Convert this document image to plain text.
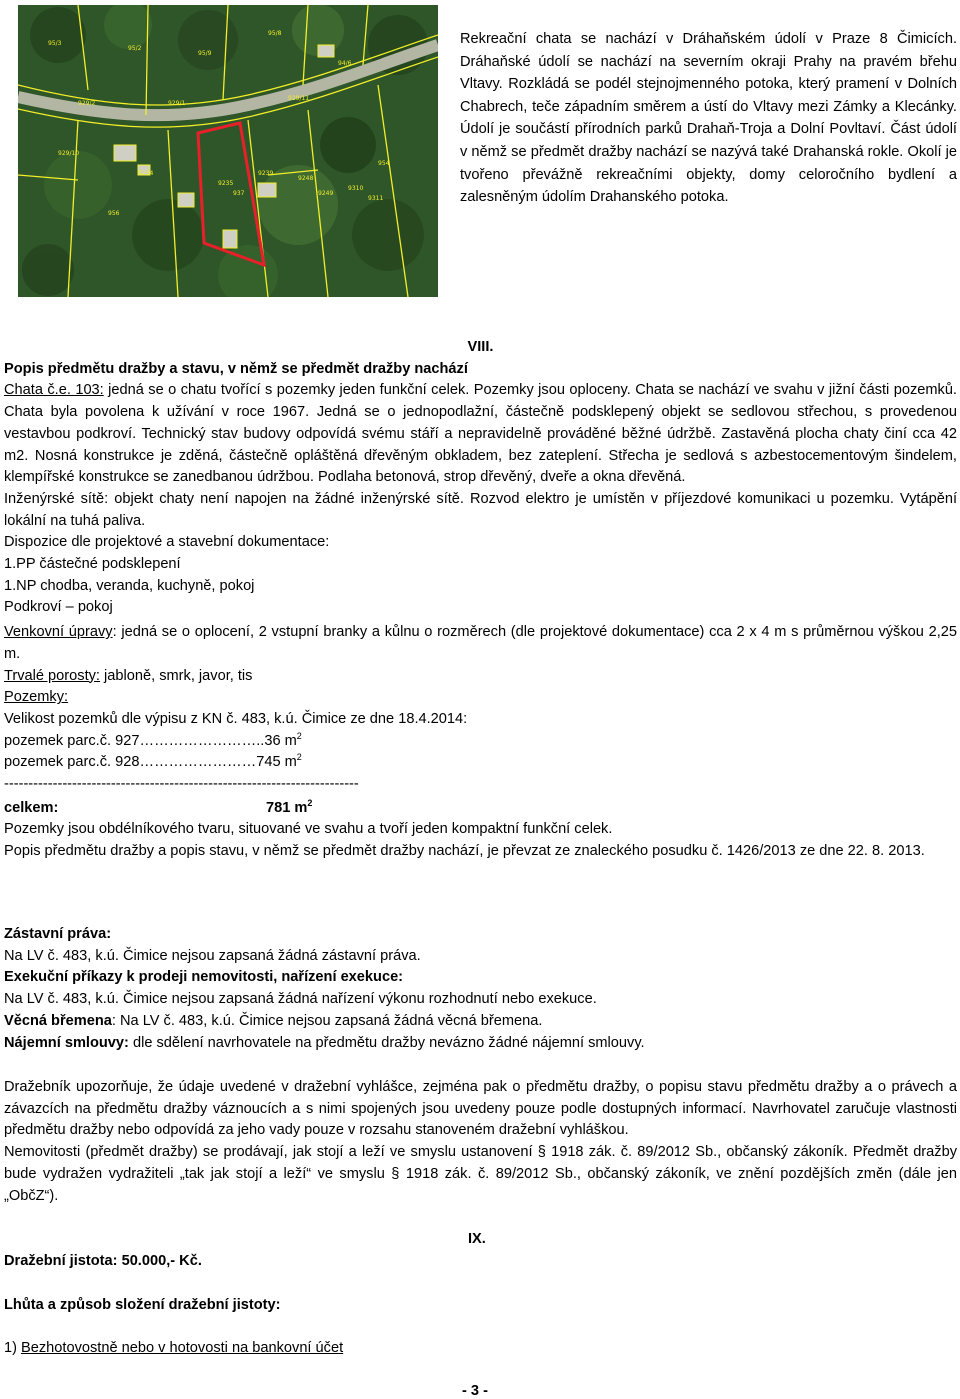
95/3
95/2
95/8
94/6
95/9
929/1
929/11
929/2
9234
9235
937
9239
9248
9249
9310
9311
954
956
929/10

Rekreační chata se nachází v Dráhaňském údolí v Praze 8 Čimicích. Dráhaňské údolí se nachází na severním okraji Prahy na pravém břehu Vltavy. Rozkládá se podél stejnojmenného potoka, který pramení v Dolních Chabrech, teče západním směrem a ústí do Vltavy mezi Zámky a Klecánky. Údolí je součástí přírodních parků Drahaň-Troja a Dolní Povltaví. Část údolí v němž se předmět dražby nachází se nazývá také Drahanská rokle. Okolí je tvořeno převážně rekreačními objekty, domy celoročního bydlení a zalesněným údolím Drahanského potoka.

VIII.

Popis předmětu dražby a stavu, v němž se předmět dražby nachází

Chata č.e. 103: jedná se o chatu tvořící s pozemky jeden funkční celek. Pozemky jsou oploceny. Chata se nachází ve svahu v jižní části pozemků. Chata byla povolena k užívání v roce 1967. Jedná se o jednopodlažní, částečně podsklepený objekt se sedlovou střechou, s provedenou vestavbou podkroví. Technický stav budovy odpovídá svému stáří a nepravidelně prováděné běžné údržbě. Zastavěná plocha chaty činí cca 42 m2. Nosná konstrukce je zděná, částečně opláštěná dřevěným obkladem, bez zateplení. Střecha je sedlová s azbestocementovým šindelem, klempířské konstrukce se zanedbanou údržbou. Podlaha betonová, strop dřevěný, dveře a okna dřevěná.

Inženýrské sítě: objekt chaty není napojen na žádné inženýrské sítě. Rozvod elektro je umístěn v příjezdové komunikaci u pozemku. Vytápění lokální na tuhá paliva.

Dispozice dle projektové a stavební dokumentace:

1.PP částečné podsklepení

1.NP chodba, veranda, kuchyně, pokoj

Podkroví – pokoj

Venkovní úpravy: jedná se o oplocení, 2 vstupní branky a kůlnu o rozměrech (dle projektové dokumentace) cca 2 x 4 m s průměrnou výškou 2,25 m.

Trvalé porosty: jabloně, smrk, javor, tis

Pozemky:

Velikost pozemků dle výpisu z KN č. 483, k.ú. Čimice ze dne 18.4.2014:

pozemek parc.č. 927……………………..36 $m^2$

pozemek parc.č. 928……………………745 $m^2$

-------------------------------------------------------------------------

celkem:	781 $m^2$

Pozemky jsou obdélníkového tvaru, situované ve svahu a tvoří jeden kompaktní funkční celek.

Popis předmětu dražby a popis stavu, v němž se předmět dražby nachází, je převzat ze znaleckého posudku č. 1426/2013 ze dne 22. 8. 2013.

Zástavní práva:

Na LV č. 483, k.ú. Čimice nejsou zapsaná žádná zástavní práva.

Exekuční příkazy k prodeji nemovitosti, nařízení exekuce:

Na LV č. 483, k.ú. Čimice nejsou zapsaná žádná nařízení výkonu rozhodnutí nebo exekuce.

Věcná břemena: Na LV č. 483, k.ú. Čimice nejsou zapsaná žádná věcná břemena.

Nájemní smlouvy: dle sdělení navrhovatele na předmětu dražby nevázno žádné nájemní smlouvy.

Dražebník upozorňuje, že údaje uvedené v dražební vyhlášce, zejména pak o předmětu dražby, o popisu stavu předmětu dražby a o právech a závazcích na předmětu dražby váznoucích a s nimi spojených jsou uvedeny pouze podle dostupných informací. Navrhovatel zaručuje vlastnosti předmětu dražby nebo odpovídá za jeho vady pouze v rozsahu stanoveném dražební vyhláškou.

Nemovitosti (předmět dražby) se prodávají, jak stojí a leží ve smyslu ustanovení § 1918 zák. č. 89/2012 Sb., občanský zákoník. Předmět dražby bude vydražen vydražiteli „tak jak stojí a leží“ ve smyslu § 1918 zák. č. 89/2012 Sb., občanský zákoník, ve znění pozdějších změn (dále jen „ObčZ“).

IX.
Dražební jistota: 50.000,- Kč.
Lhůta a způsob složení dražební jistoty:
1) Bezhotovostně nebo v hotovosti na bankovní účet
- 3 -
